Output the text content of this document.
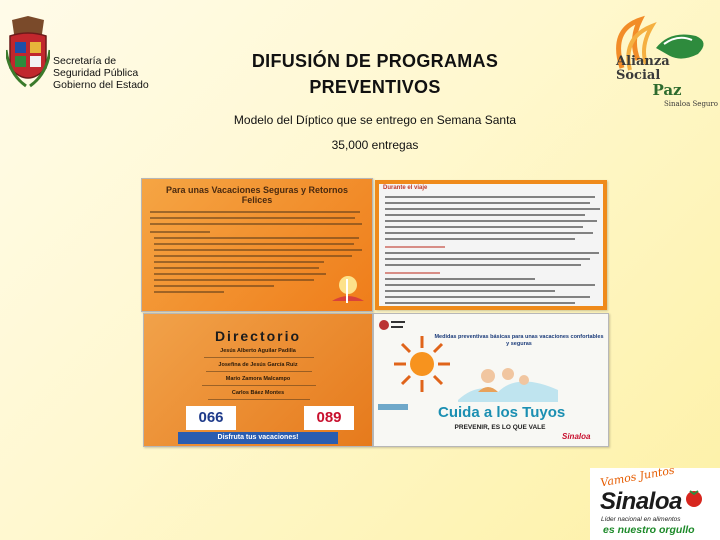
Secretaría de
Seguridad Pública
Gobierno del Estado
DIFUSIÓN DE PROGRAMAS
PREVENTIVOS
Modelo del Díptico que se entrego en Semana Santa
35,000 entregas
Alianza Social
Paz
Sinaloa Seguro
Para unas Vacaciones Seguras y Retornos Felices
Durante el viaje
Directorio
Jesús Alberto Aguilar Padilla
Josefina de Jesús García Ruiz
Mario Zamora Malcampo
Carlos Báez Montes
066	089
Disfruta tus vacaciones!
Medidas preventivas básicas para unas vacaciones confortables y seguras
Cuida a los Tuyos
PREVENIR, ES LO QUE VALE
Sinaloa
Vamos Juntos
Sinaloa
Líder nacional en alimentos
es nuestro orgullo
